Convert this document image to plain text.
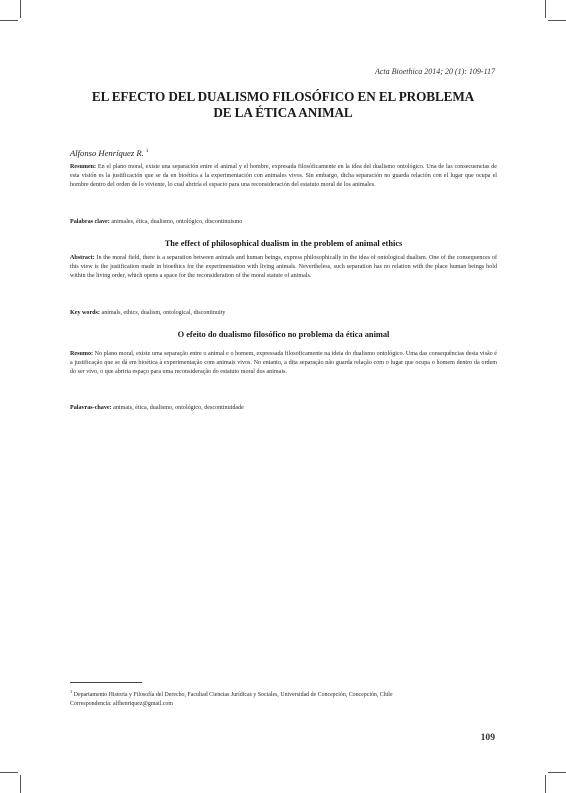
Acta Bioethica 2014; 20 (1): 109-117
EL EFECTO DEL DUALISMO FILOSÓFICO EN EL PROBLEMA
DE LA ÉTICA ANIMAL
Alfonso Henríquez R. $^1$
Resumen: En el plano moral, existe una separación entre el animal y el hombre, expresada filosóficamente en la idea del dualismo ontológico. Una de las consecuencias de esta visión es la justificación que se da en bioética a la experimentación con animales vivos. Sin embargo, dicha separación no guarda relación con el lugar que ocupa el hombre dentro del orden de lo viviente, lo cual abriría el espacio para una reconsideración del estatuto moral de los animales.
Palabras clave: animales, ética, dualismo, ontológico, discontinuismo
The effect of philosophical dualism in the problem of animal ethics
Abstract: In the moral field, there is a separation between animals and human beings, express philosophically in the idea of ontological dualism. One of the consequences of this view is the justification made in bioethics for the experimentation with living animals. Nevertheless, such separation has no relation with the place human beings hold within the living order, which opens a space for the reconsideration of the moral statute of animals.
Key words: animals, ethics, dualism, ontological, discontinuity
O efeito do dualismo filosófico no problema da ética animal
Resumo: No plano moral, existe uma separação entre o animal e o homem, expressada filosoficamente na ideia do dualismo ontológico. Uma das consequências desta visão é a justificação que se dá em bioética à experimentação com animais vivos. No entanto, a dita separação não guarda relação com o lugar que ocupa o homem dentro da ordem do ser vivo, o que abriria espaço para uma reconsideração do estatuto moral dos animais.
Palavras-chave: animais, ética, dualismo, ontológico, descontinuidade
$^1$ Departamento Historia y Filosofía del Derecho, Facultad Ciencias Jurídicas y Sociales, Universidad de Concepción, Concepción, Chile
Correspondencia: alfhenriquez@gmail.com
109
